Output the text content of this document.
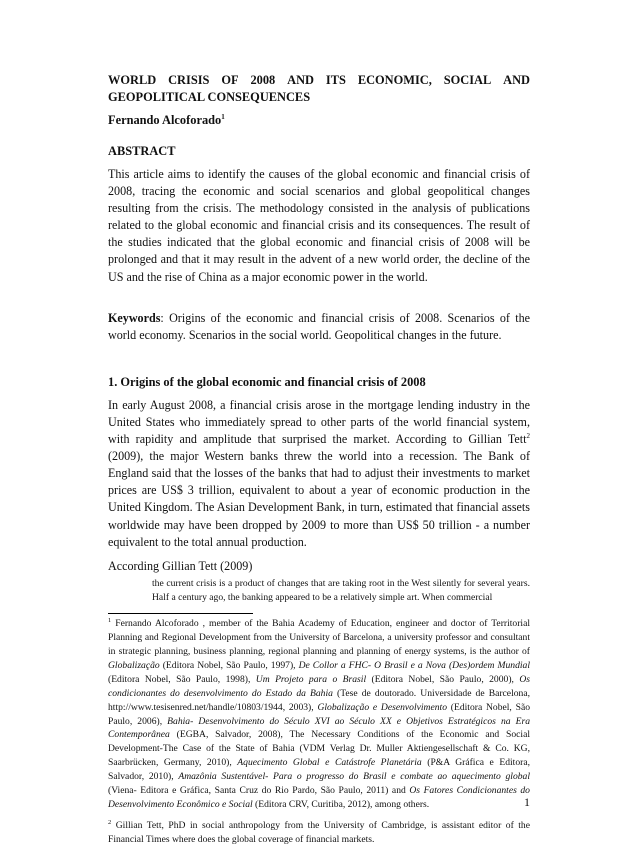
WORLD CRISIS OF 2008 AND ITS ECONOMIC, SOCIAL AND
GEOPOLITICAL CONSEQUENCES

Fernando Alcoforado$^1$

ABSTRACT

This article aims to identify the causes of the global economic and financial crisis of 2008, tracing the economic and social scenarios and global geopolitical changes resulting from the crisis. The methodology consisted in the analysis of publications related to the global economic and financial crisis and its consequences. The result of the studies indicated that the global economic and financial crisis of 2008 will be prolonged and that it may result in the advent of a new world order, the decline of the US and the rise of China as a major economic power in the world.

Keywords: Origins of the economic and financial crisis of 2008. Scenarios of the world economy. Scenarios in the social world. Geopolitical changes in the future.

1. Origins of the global economic and financial crisis of 2008

In early August 2008, a financial crisis arose in the mortgage lending industry in the United States who immediately spread to other parts of the world financial system, with rapidity and amplitude that surprised the market. According to Gillian Tett$^2$ (2009), the major Western banks threw the world into a recession. The Bank of England said that the losses of the banks that had to adjust their investments to market prices are US$ 3 trillion, equivalent to about a year of economic production in the United Kingdom. The Asian Development Bank, in turn, estimated that financial assets worldwide may have been dropped by 2009 to more than US$ 50 trillion - a number equivalent to the total annual production.

According Gillian Tett (2009)

the current crisis is a product of changes that are taking root in the West silently for several years. Half a century ago, the banking appeared to be a relatively simple art. When commercial

$^1$ Fernando Alcoforado , member of the Bahia Academy of Education, engineer and doctor of Territorial Planning and Regional Development from the University of Barcelona, a university professor and consultant in strategic planning, business planning, regional planning and planning of energy systems, is the author of Globalização (Editora Nobel, São Paulo, 1997), De Collor a FHC- O Brasil e a Nova (Des)ordem Mundial (Editora Nobel, São Paulo, 1998), Um Projeto para o Brasil (Editora Nobel, São Paulo, 2000), Os condicionantes do desenvolvimento do Estado da Bahia (Tese de doutorado. Universidade de Barcelona, http://www.tesisenred.net/handle/10803/1944, 2003), Globalização e Desenvolvimento (Editora Nobel, São Paulo, 2006), Bahia- Desenvolvimento do Século XVI ao Século XX e Objetivos Estratégicos na Era Contemporânea (EGBA, Salvador, 2008), The Necessary Conditions of the Economic and Social Development-The Case of the State of Bahia (VDM Verlag Dr. Muller Aktiengesellschaft & Co. KG, Saarbrücken, Germany, 2010), Aquecimento Global e Catástrofe Planetária (P&A Gráfica e Editora, Salvador, 2010), Amazônia Sustentável- Para o progresso do Brasil e combate ao aquecimento global (Viena- Editora e Gráfica, Santa Cruz do Rio Pardo, São Paulo, 2011) and Os Fatores Condicionantes do Desenvolvimento Econômico e Social (Editora CRV, Curitiba, 2012), among others.

$^2$ Gillian Tett, PhD in social anthropology from the University of Cambridge, is assistant editor of the Financial Times where does the global coverage of financial markets.

1
